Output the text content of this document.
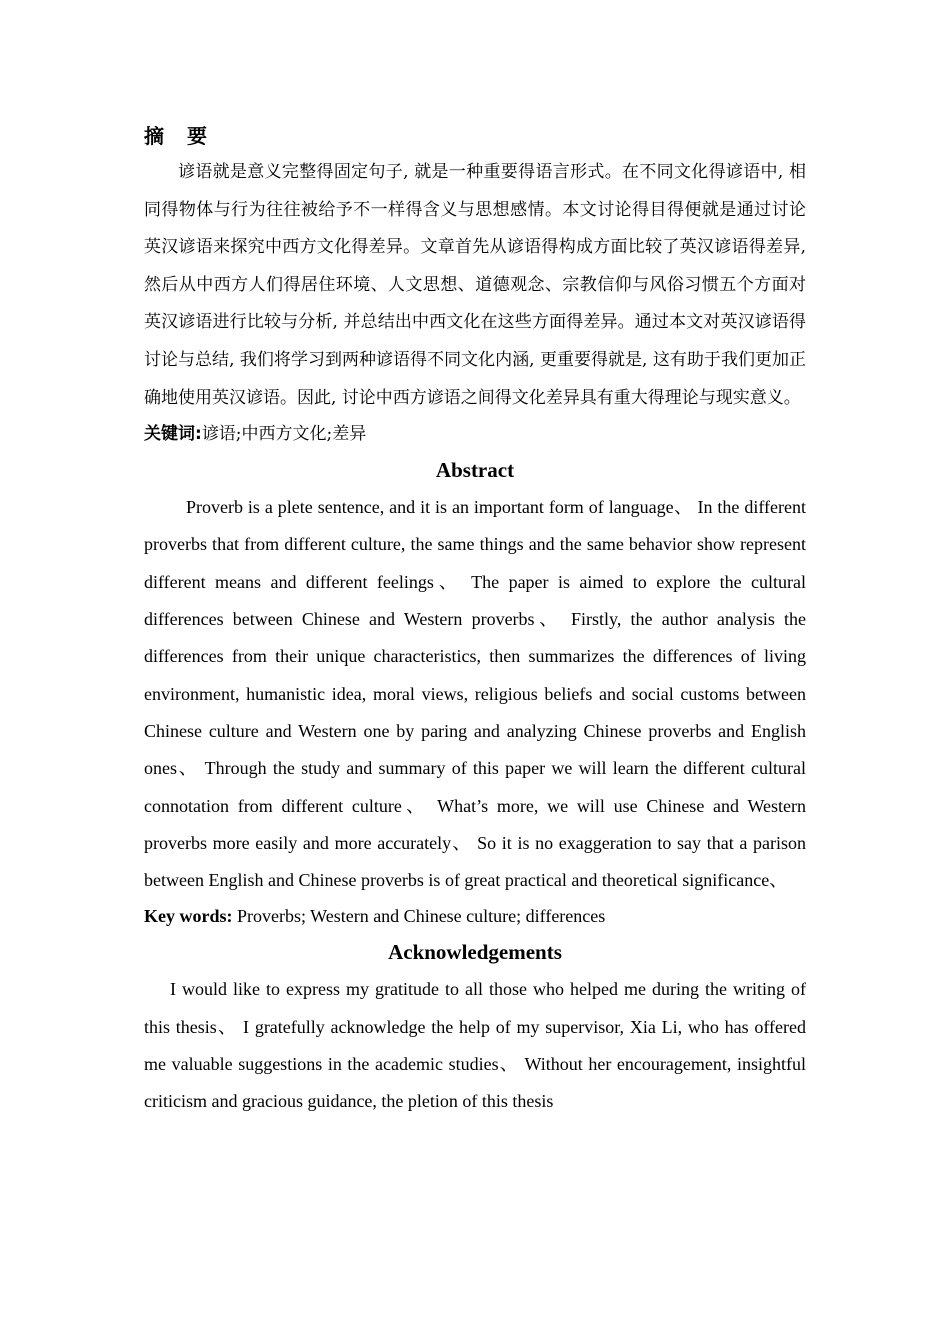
摘 要

谚语就是意义完整得固定句子, 就是一种重要得语言形式。在不同文化得谚语中, 相同得物体与行为往往被给予不一样得含义与思想感情。本文讨论得目得便就是通过讨论英汉谚语来探究中西方文化得差异。文章首先从谚语得构成方面比较了英汉谚语得差异, 然后从中西方人们得居住环境、人文思想、道德观念、宗教信仰与风俗习惯五个方面对英汉谚语进行比较与分析, 并总结出中西文化在这些方面得差异。通过本文对英汉谚语得讨论与总结, 我们将学习到两种谚语得不同文化内涵, 更重要得就是, 这有助于我们更加正确地使用英汉谚语。因此, 讨论中西方谚语之间得文化差异具有重大得理论与现实意义。

关键词:谚语;中西方文化;差异

Abstract

Proverb is a plete sentence, and it is an important form of language、 In the different proverbs that from different culture, the same things and the same behavior show represent different means and different feelings、 The paper is aimed to explore the cultural differences between Chinese and Western proverbs、 Firstly, the author analysis the differences from their unique characteristics, then summarizes the differences of living environment, humanistic idea, moral views, religious beliefs and social customs between Chinese culture and Western one by paring and analyzing Chinese proverbs and English ones、 Through the study and summary of this paper we will learn the different cultural connotation from different culture、 What’s more, we will use Chinese and Western proverbs more easily and more accurately、 So it is no exaggeration to say that a parison between English and Chinese proverbs is of great practical and theoretical significance、

Key words: Proverbs; Western and Chinese culture; differences

Acknowledgements

I would like to express my gratitude to all those who helped me during the writing of this thesis、 I gratefully acknowledge the help of my supervisor, Xia Li, who has offered me valuable suggestions in the academic studies、 Without her encouragement, insightful criticism and gracious guidance, the pletion of this thesis
